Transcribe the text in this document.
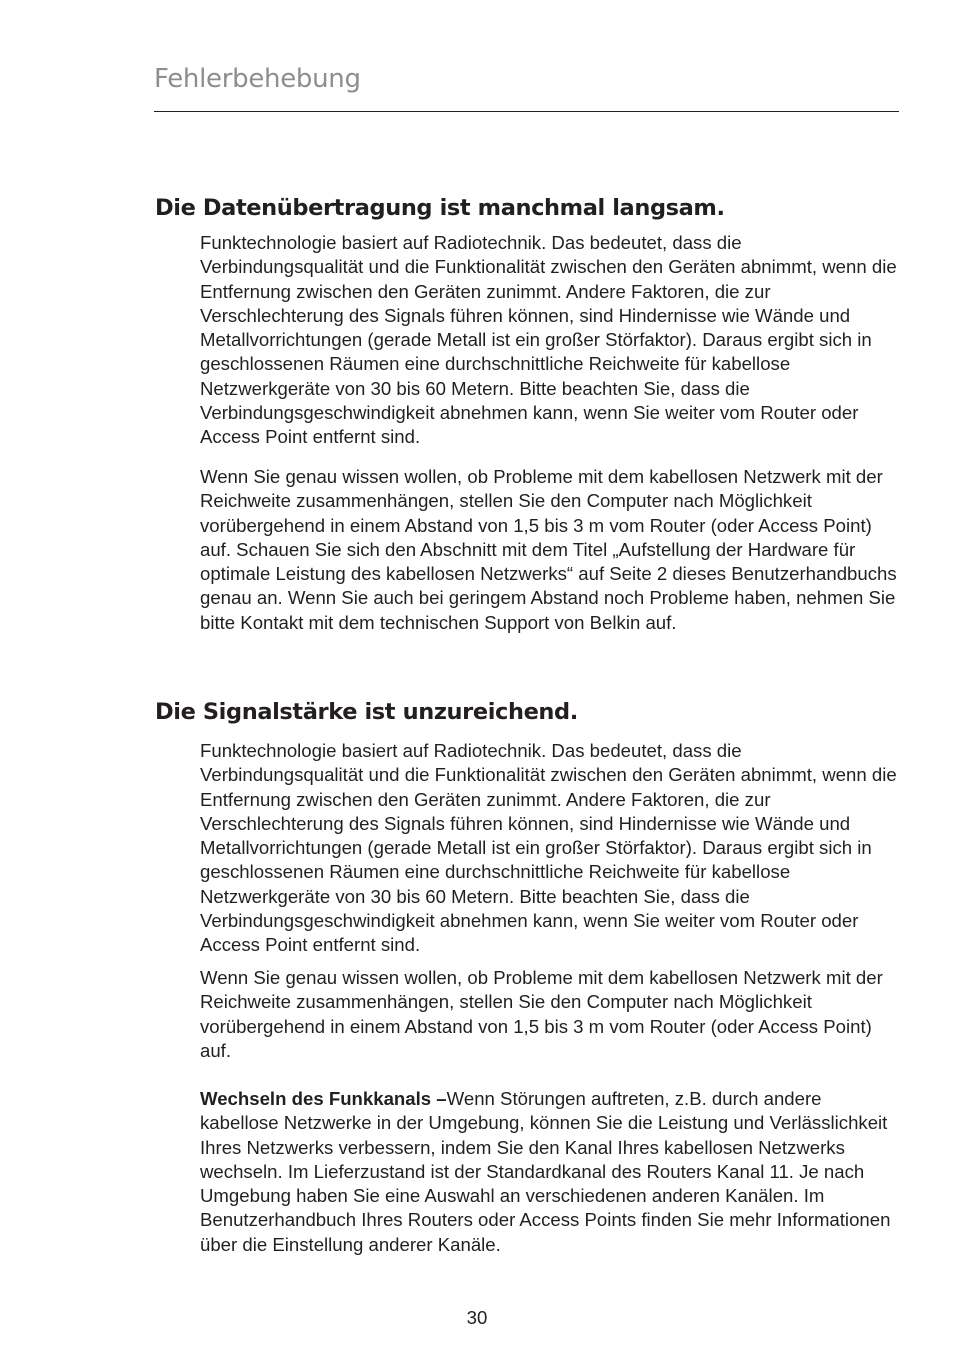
Fehlerbehebung
Die Datenübertragung ist manchmal langsam.

Funktechnologie basiert auf Radiotechnik. Das bedeutet, dass die Verbindungsqualität und die Funktionalität zwischen den Geräten abnimmt, wenn die Entfernung zwischen den Geräten zunimmt. Andere Faktoren, die zur Verschlechterung des Signals führen können, sind Hindernisse wie Wände und Metallvorrichtungen (gerade Metall ist ein großer Störfaktor). Daraus ergibt sich in geschlossenen Räumen eine durchschnittliche Reichweite für kabellose Netzwerkgeräte von 30 bis 60 Metern. Bitte beachten Sie, dass die Verbindungsgeschwindigkeit abnehmen kann, wenn Sie weiter vom Router oder Access Point entfernt sind.

Wenn Sie genau wissen wollen, ob Probleme mit dem kabellosen Netzwerk mit der Reichweite zusammenhängen, stellen Sie den Computer nach Möglichkeit vorübergehend in einem Abstand von 1,5 bis 3 m vom Router (oder Access Point) auf. Schauen Sie sich den Abschnitt mit dem Titel „Aufstellung der Hardware für optimale Leistung des kabellosen Netzwerks“ auf Seite 2 dieses Benutzerhandbuchs genau an. Wenn Sie auch bei geringem Abstand noch Probleme haben, nehmen Sie bitte Kontakt mit dem technischen Support von Belkin auf.

Die Signalstärke ist unzureichend.

Funktechnologie basiert auf Radiotechnik. Das bedeutet, dass die Verbindungsqualität und die Funktionalität zwischen den Geräten abnimmt, wenn die Entfernung zwischen den Geräten zunimmt. Andere Faktoren, die zur Verschlechterung des Signals führen können, sind Hindernisse wie Wände und Metallvorrichtungen (gerade Metall ist ein großer Störfaktor). Daraus ergibt sich in geschlossenen Räumen eine durchschnittliche Reichweite für kabellose Netzwerkgeräte von 30 bis 60 Metern. Bitte beachten Sie, dass die Verbindungsgeschwindigkeit abnehmen kann, wenn Sie weiter vom Router oder Access Point entfernt sind.

Wenn Sie genau wissen wollen, ob Probleme mit dem kabellosen Netzwerk mit der Reichweite zusammenhängen, stellen Sie den Computer nach Möglichkeit vorübergehend in einem Abstand von 1,5 bis 3 m vom Router (oder Access Point) auf.

Wechseln des Funkkanals –Wenn Störungen auftreten, z.B. durch andere kabellose Netzwerke in der Umgebung, können Sie die Leistung und Verlässlichkeit Ihres Netzwerks verbessern, indem Sie den Kanal Ihres kabellosen Netzwerks wechseln. Im Lieferzustand ist der Standardkanal des Routers Kanal 11. Je nach Umgebung haben Sie eine Auswahl an verschiedenen anderen Kanälen. Im Benutzerhandbuch Ihres Routers oder Access Points finden Sie mehr Informationen über die Einstellung anderer Kanäle.

30
